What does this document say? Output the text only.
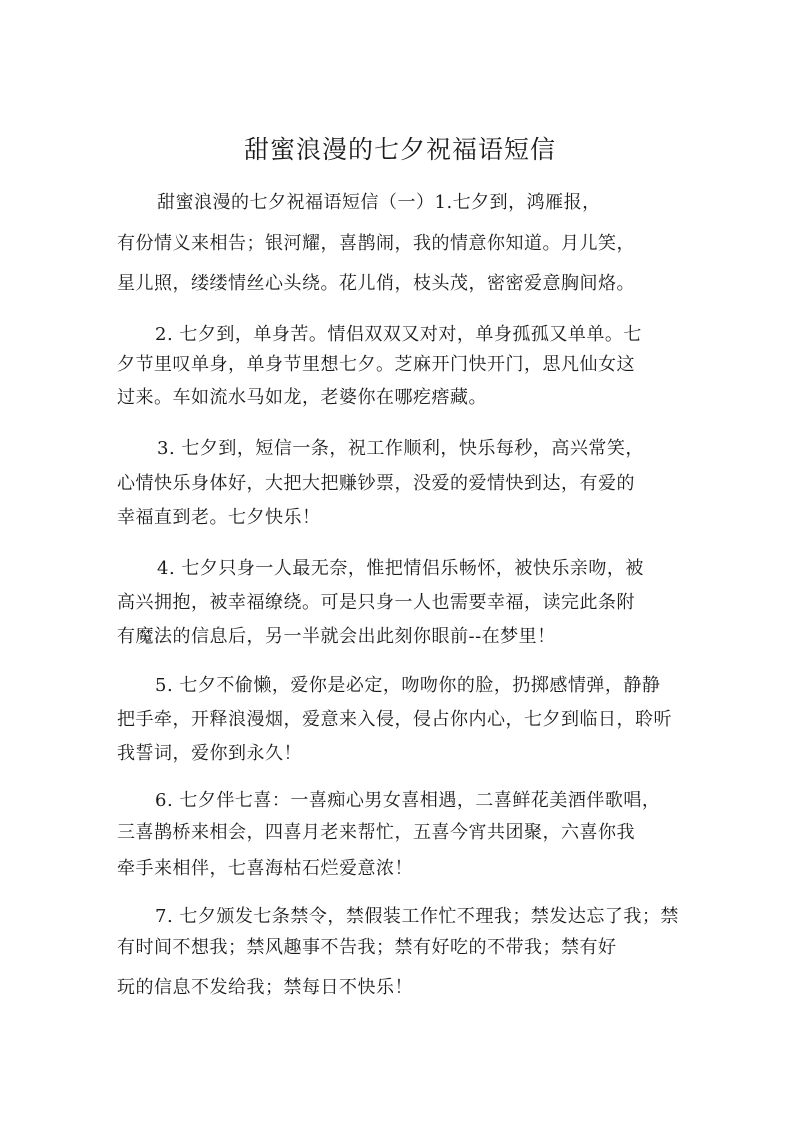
甜蜜浪漫的七夕祝福语短信
甜蜜浪漫的七夕祝福语短信（一）1.七夕到，鸿雁报，
有份情义来相告；银河耀，喜鹊闹，我的情意你知道。月儿笑，
星儿照，缕缕情丝心头绕。花儿俏，枝头茂，密密爱意胸间烙。
2. 七夕到，单身苦。情侣双双又对对，单身孤孤又单单。七
夕节里叹单身，单身节里想七夕。芝麻开门快开门，思凡仙女这
过来。车如流水马如龙，老婆你在哪疙瘩藏。
3. 七夕到，短信一条，祝工作顺利，快乐每秒，高兴常笑，
心情快乐身体好，大把大把赚钞票，没爱的爱情快到达，有爱的
幸福直到老。七夕快乐！
4. 七夕只身一人最无奈，惟把情侣乐畅怀，被快乐亲吻，被
高兴拥抱，被幸福缭绕。可是只身一人也需要幸福，读完此条附
有魔法的信息后，另一半就会出此刻你眼前--在梦里！
5. 七夕不偷懒，爱你是必定，吻吻你的脸，扔掷感情弹，静静
把手牵，开释浪漫烟，爱意来入侵，侵占你内心，七夕到临日，聆听
我誓词，爱你到永久！
6. 七夕伴七喜：一喜痴心男女喜相遇，二喜鲜花美酒伴歌唱，
三喜鹊桥来相会，四喜月老来帮忙，五喜今宵共团聚，六喜你我
牵手来相伴，七喜海枯石烂爱意浓！
7. 七夕颁发七条禁令，禁假装工作忙不理我；禁发达忘了我；禁
有时间不想我；禁风趣事不告我；禁有好吃的不带我；禁有好
玩的信息不发给我；禁每日不快乐！
